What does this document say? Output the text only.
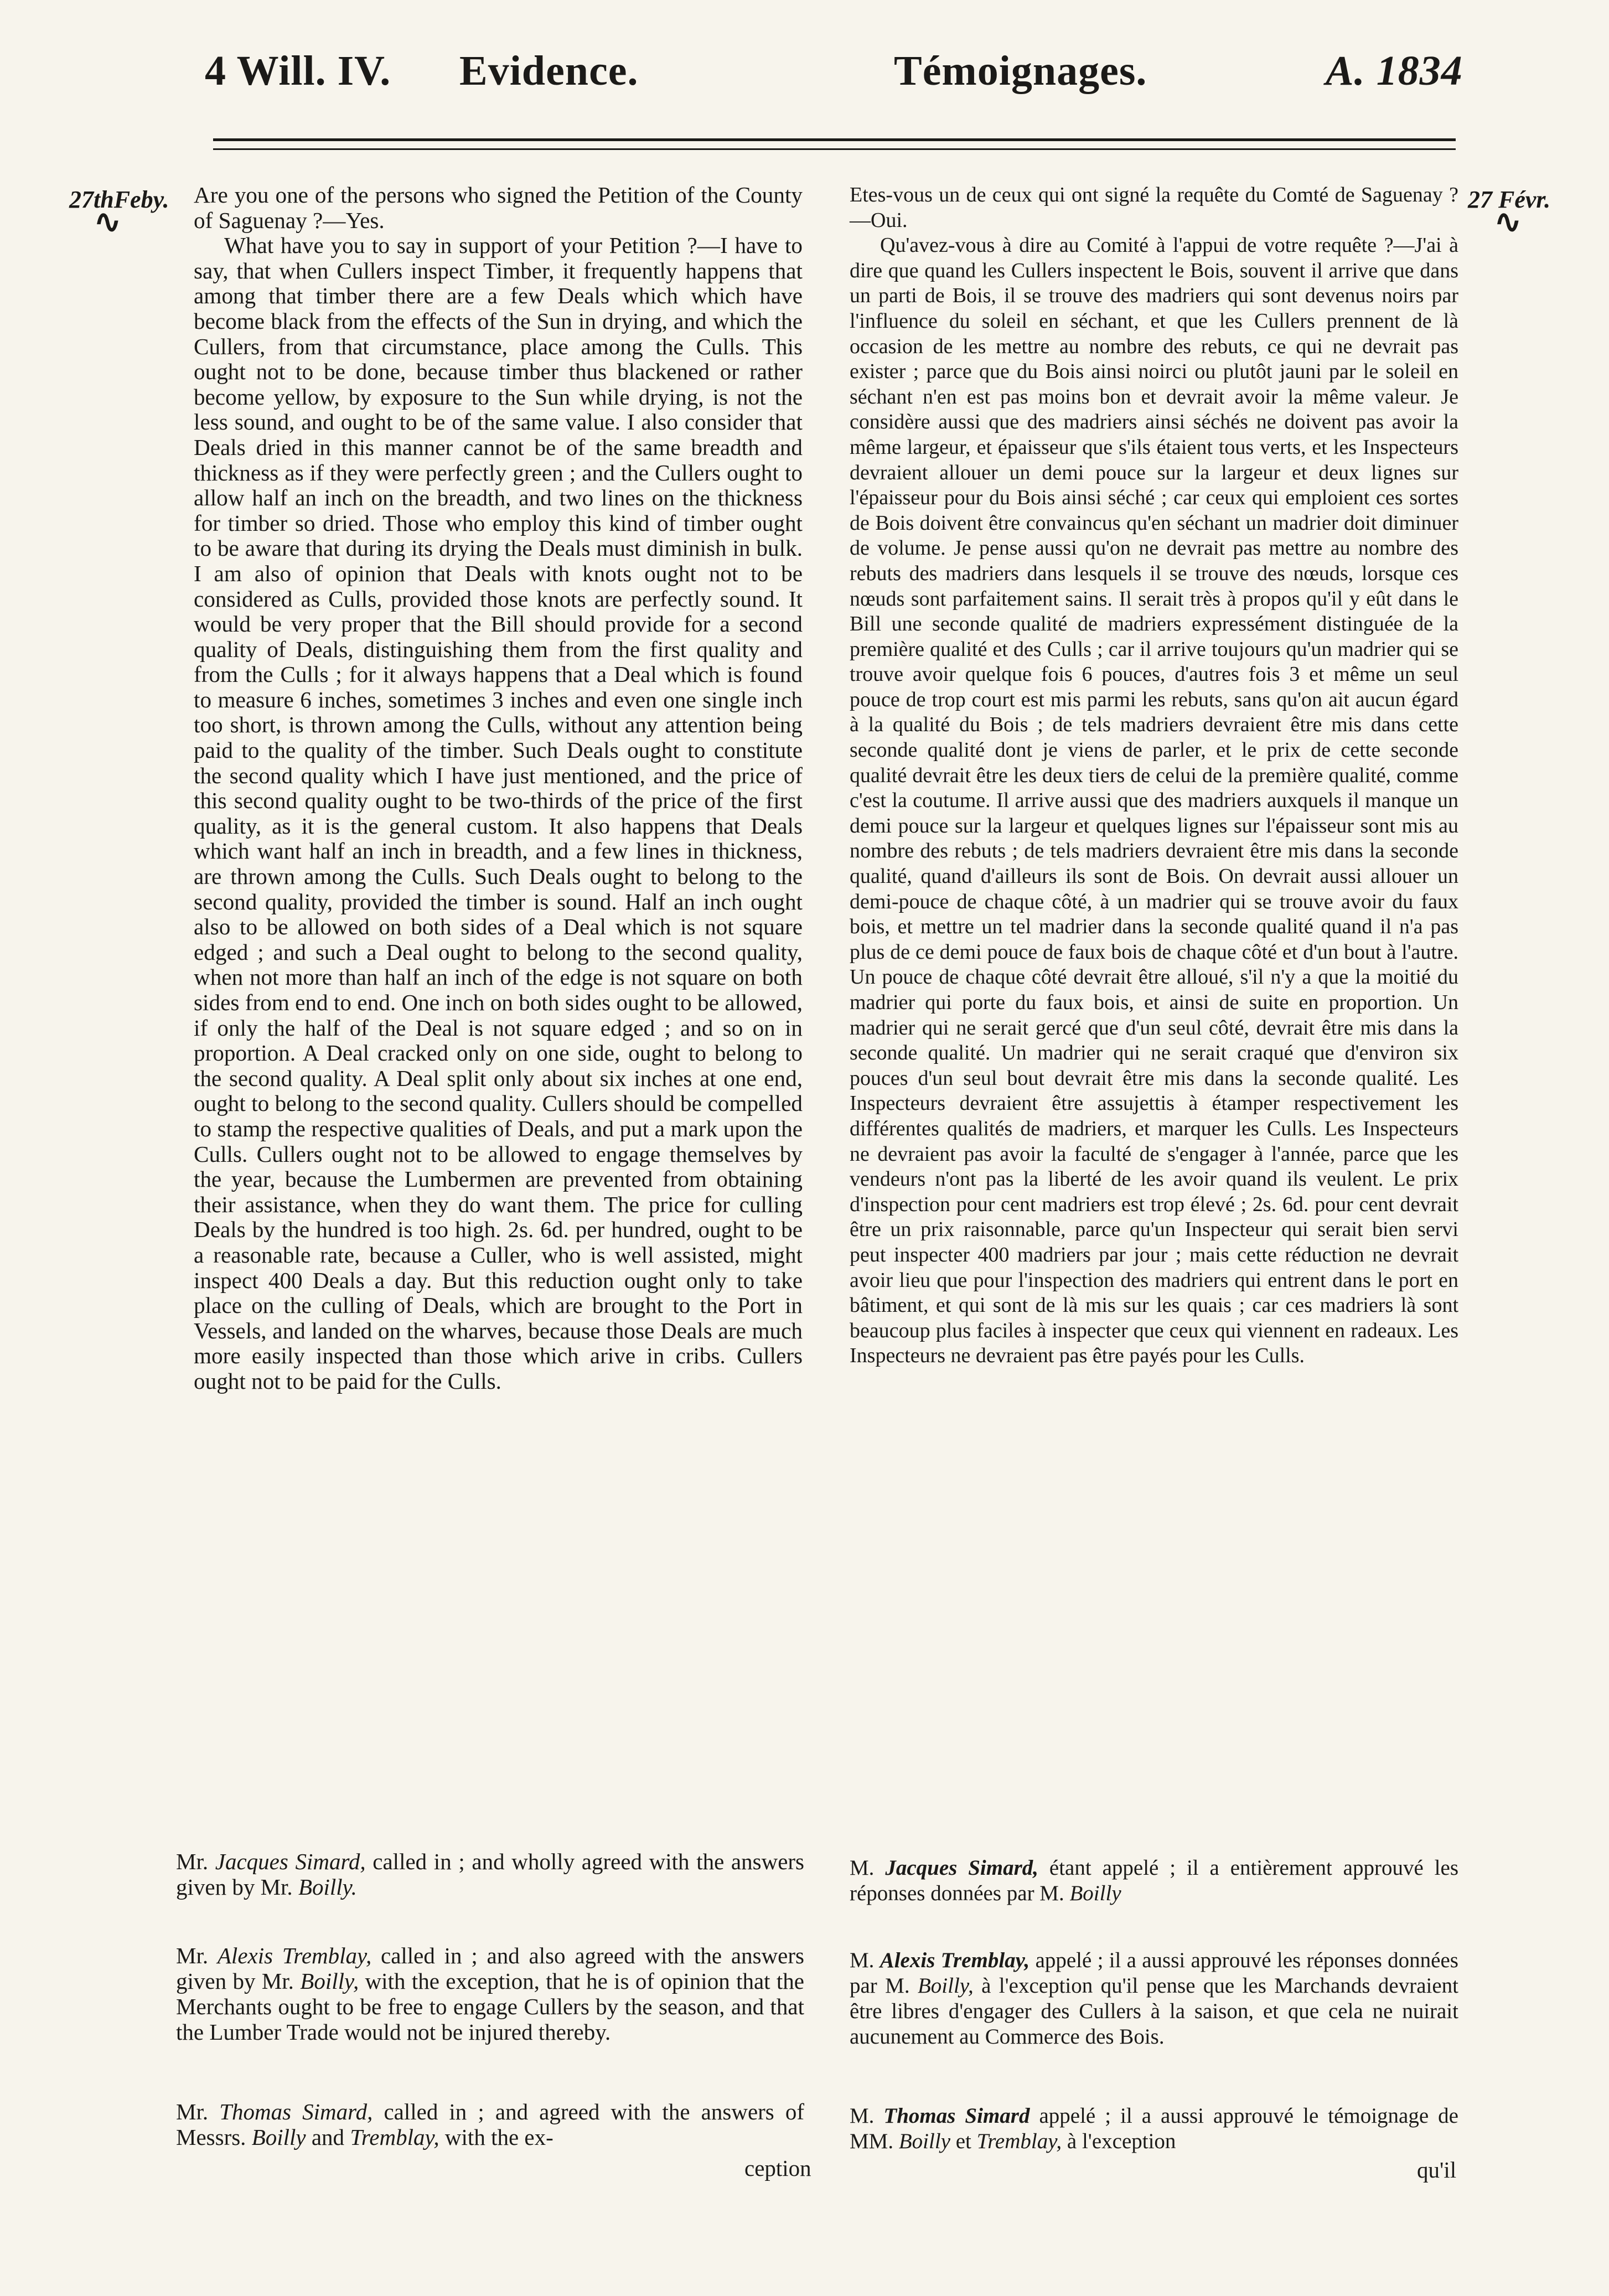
4 Will. IV. Evidence.	Témoignages.	A. 1834
27thFeby.
∿
27 Févr.
∿

Are you one of the persons who signed the Petition of the County of Saguenay ?—Yes.

What have you to say in support of your Petition ?—I have to say, that when Cullers inspect Timber, it frequently happens that among that timber there are a few Deals which which have become black from the effects of the Sun in drying, and which the Cullers, from that circumstance, place among the Culls. This ought not to be done, because timber thus blackened or rather become yellow, by exposure to the Sun while drying, is not the less sound, and ought to be of the same value. I also consider that Deals dried in this manner cannot be of the same breadth and thickness as if they were perfectly green ; and the Cullers ought to allow half an inch on the breadth, and two lines on the thickness for timber so dried. Those who employ this kind of timber ought to be aware that during its drying the Deals must diminish in bulk. I am also of opinion that Deals with knots ought not to be considered as Culls, provided those knots are perfectly sound. It would be very proper that the Bill should provide for a second quality of Deals, distinguishing them from the first quality and from the Culls ; for it always happens that a Deal which is found to measure 6 inches, sometimes 3 inches and even one single inch too short, is thrown among the Culls, without any attention being paid to the quality of the timber. Such Deals ought to constitute the second quality which I have just mentioned, and the price of this second quality ought to be two-thirds of the price of the first quality, as it is the general custom. It also happens that Deals which want half an inch in breadth, and a few lines in thickness, are thrown among the Culls. Such Deals ought to belong to the second quality, provided the timber is sound. Half an inch ought also to be allowed on both sides of a Deal which is not square edged ; and such a Deal ought to belong to the second quality, when not more than half an inch of the edge is not square on both sides from end to end. One inch on both sides ought to be allowed, if only the half of the Deal is not square edged ; and so on in proportion. A Deal cracked only on one side, ought to belong to the second quality. A Deal split only about six inches at one end, ought to belong to the second quality. Cullers should be compelled to stamp the respective qualities of Deals, and put a mark upon the Culls. Cullers ought not to be allowed to engage themselves by the year, because the Lumbermen are prevented from obtaining their assistance, when they do want them. The price for culling Deals by the hundred is too high. 2s. 6d. per hundred, ought to be a reasonable rate, because a Culler, who is well assisted, might inspect 400 Deals a day. But this reduction ought only to take place on the culling of Deals, which are brought to the Port in Vessels, and landed on the wharves, because those Deals are much more easily inspected than those which arive in cribs. Cullers ought not to be paid for the Culls.

Etes-vous un de ceux qui ont signé la requête du Comté de Saguenay ?—Oui.

Qu'avez-vous à dire au Comité à l'appui de votre requête ?—J'ai à dire que quand les Cullers inspectent le Bois, souvent il arrive que dans un parti de Bois, il se trouve des madriers qui sont devenus noirs par l'influence du soleil en séchant, et que les Cullers prennent de là occasion de les mettre au nombre des rebuts, ce qui ne devrait pas exister ; parce que du Bois ainsi noirci ou plutôt jauni par le soleil en séchant n'en est pas moins bon et devrait avoir la même valeur. Je considère aussi que des madriers ainsi séchés ne doivent pas avoir la même largeur, et épaisseur que s'ils étaient tous verts, et les Inspecteurs devraient allouer un demi pouce sur la largeur et deux lignes sur l'épaisseur pour du Bois ainsi séché ; car ceux qui emploient ces sortes de Bois doivent être convaincus qu'en séchant un madrier doit diminuer de volume. Je pense aussi qu'on ne devrait pas mettre au nombre des rebuts des madriers dans lesquels il se trouve des nœuds, lorsque ces nœuds sont parfaitement sains. Il serait très à propos qu'il y eût dans le Bill une seconde qualité de madriers expressément distinguée de la première qualité et des Culls ; car il arrive toujours qu'un madrier qui se trouve avoir quelque fois 6 pouces, d'autres fois 3 et même un seul pouce de trop court est mis parmi les rebuts, sans qu'on ait aucun égard à la qualité du Bois ; de tels madriers devraient être mis dans cette seconde qualité dont je viens de parler, et le prix de cette seconde qualité devrait être les deux tiers de celui de la première qualité, comme c'est la coutume. Il arrive aussi que des madriers auxquels il manque un demi pouce sur la largeur et quelques lignes sur l'épaisseur sont mis au nombre des rebuts ; de tels madriers devraient être mis dans la seconde qualité, quand d'ailleurs ils sont de Bois. On devrait aussi allouer un demi-pouce de chaque côté, à un madrier qui se trouve avoir du faux bois, et mettre un tel madrier dans la seconde qualité quand il n'a pas plus de ce demi pouce de faux bois de chaque côté et d'un bout à l'autre. Un pouce de chaque côté devrait être alloué, s'il n'y a que la moitié du madrier qui porte du faux bois, et ainsi de suite en proportion. Un madrier qui ne serait gercé que d'un seul côté, devrait être mis dans la seconde qualité. Un madrier qui ne serait craqué que d'environ six pouces d'un seul bout devrait être mis dans la seconde qualité. Les Inspecteurs devraient être assujettis à étamper respectivement les différentes qualités de madriers, et marquer les Culls. Les Inspecteurs ne devraient pas avoir la faculté de s'engager à l'année, parce que les vendeurs n'ont pas la liberté de les avoir quand ils veulent. Le prix d'inspection pour cent madriers est trop élevé ; 2s. 6d. pour cent devrait être un prix raisonnable, parce qu'un Inspecteur qui serait bien servi peut inspecter 400 madriers par jour ; mais cette réduction ne devrait avoir lieu que pour l'inspection des madriers qui entrent dans le port en bâtiment, et qui sont de là mis sur les quais ; car ces madriers là sont beaucoup plus faciles à inspecter que ceux qui viennent en radeaux. Les Inspecteurs ne devraient pas être payés pour les Culls.

Mr. Jacques Simard, called in ; and wholly agreed with the answers given by Mr. Boilly.

Mr. Alexis Tremblay, called in ; and also agreed with the answers given by Mr. Boilly, with the exception, that he is of opinion that the Merchants ought to be free to engage Cullers by the season, and that the Lumber Trade would not be injured thereby.

Mr. Thomas Simard, called in ; and agreed with the answers of Messrs. Boilly and Tremblay, with the ex-

ception

M. Jacques Simard, étant appelé ; il a entièrement approuvé les réponses données par M. Boilly

M. Alexis Tremblay, appelé ; il a aussi approuvé les réponses données par M. Boilly, à l'exception qu'il pense que les Marchands devraient être libres d'engager des Cullers à la saison, et que cela ne nuirait aucunement au Commerce des Bois.

M. Thomas Simard appelé ; il a aussi approuvé le témoignage de MM. Boilly et Tremblay, à l'exception

qu'il
